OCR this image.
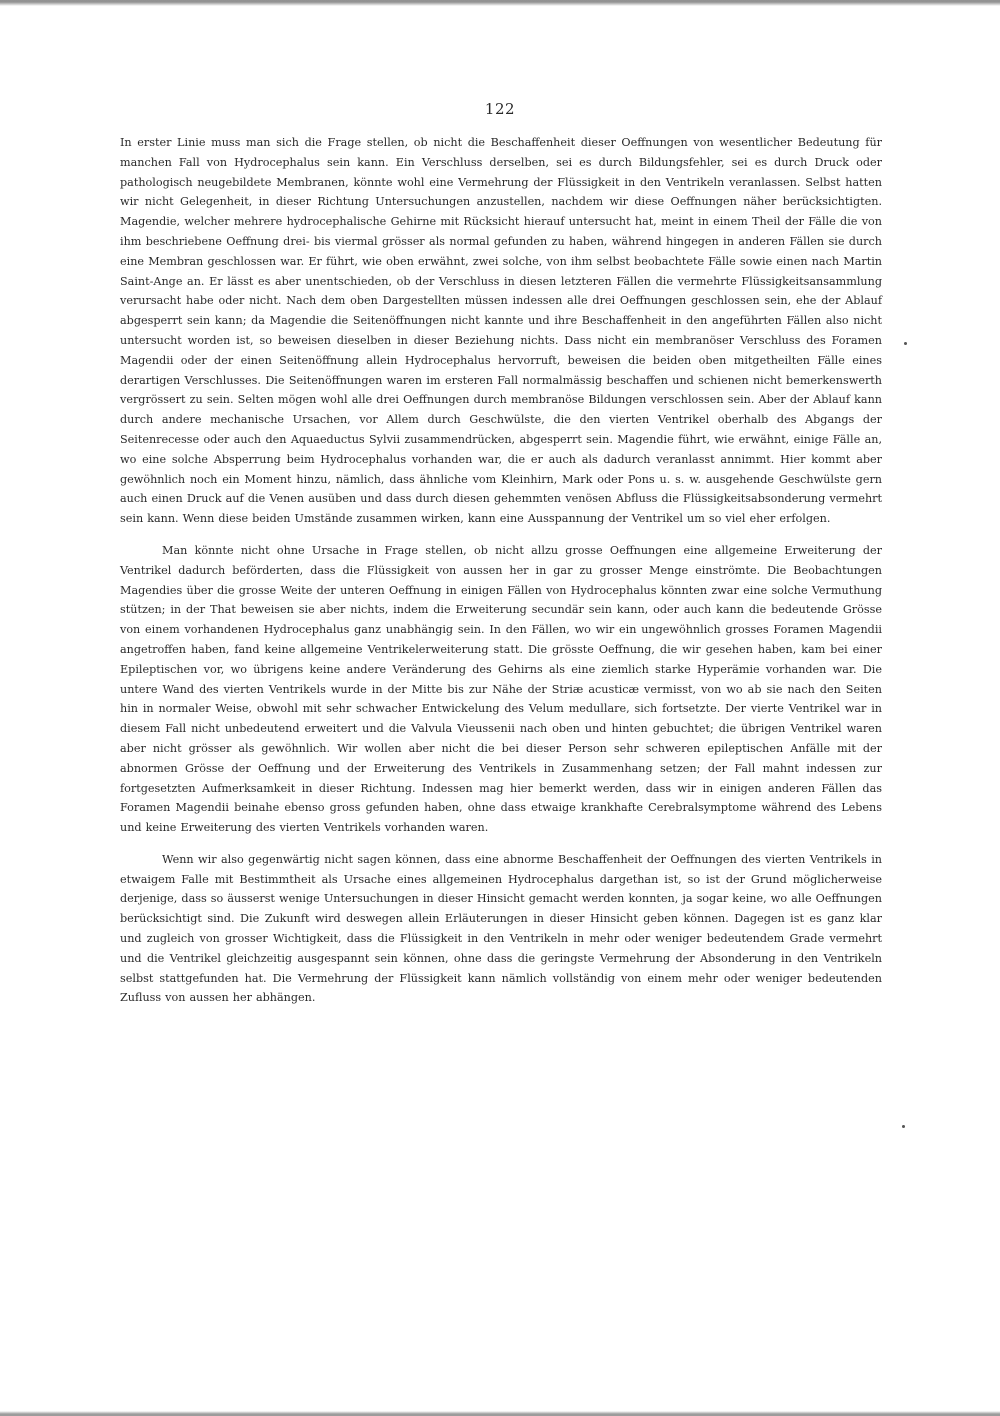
122

In erster Linie muss man sich die Frage stellen, ob nicht die Beschaffenheit dieser Oeffnungen von wesentlicher Bedeutung für manchen Fall von Hydrocephalus sein kann. Ein Verschluss derselben, sei es durch Bildungsfehler, sei es durch Druck oder pathologisch neugebildete Membranen, könnte wohl eine Vermehrung der Flüssigkeit in den Ventrikeln veranlassen. Selbst hatten wir nicht Gelegenheit, in dieser Richtung Untersuchungen anzustellen, nachdem wir diese Oeffnungen näher berücksichtigten. Magendie, welcher mehrere hydrocephalische Gehirne mit Rücksicht hierauf untersucht hat, meint in einem Theil der Fälle die von ihm beschriebene Oeffnung drei- bis viermal grösser als normal gefunden zu haben, während hingegen in anderen Fällen sie durch eine Membran geschlossen war. Er führt, wie oben erwähnt, zwei solche, von ihm selbst beobachtete Fälle sowie einen nach Martin Saint-Ange an. Er lässt es aber unentschieden, ob der Verschluss in diesen letzteren Fällen die vermehrte Flüssigkeitsansammlung verursacht habe oder nicht. Nach dem oben Dargestellten müssen indessen alle drei Oeffnungen geschlossen sein, ehe der Ablauf abgesperrt sein kann; da Magendie die Seitenöffnungen nicht kannte und ihre Beschaffenheit in den angeführten Fällen also nicht untersucht worden ist, so beweisen dieselben in dieser Beziehung nichts. Dass nicht ein membranöser Verschluss des Foramen Magendii oder der einen Seitenöffnung allein Hydrocephalus hervorruft, beweisen die beiden oben mitgetheilten Fälle eines derartigen Verschlusses. Die Seitenöffnungen waren im ersteren Fall normalmässig beschaffen und schienen nicht bemerkenswerth vergrössert zu sein. Selten mögen wohl alle drei Oeffnungen durch membranöse Bildungen verschlossen sein. Aber der Ablauf kann durch andere mechanische Ursachen, vor Allem durch Geschwülste, die den vierten Ventrikel oberhalb des Abgangs der Seitenrecesse oder auch den Aquaeductus Sylvii zusammendrücken, abgesperrt sein. Magendie führt, wie erwähnt, einige Fälle an, wo eine solche Absperrung beim Hydrocephalus vorhanden war, die er auch als dadurch veranlasst annimmt. Hier kommt aber gewöhnlich noch ein Moment hinzu, nämlich, dass ähnliche vom Kleinhirn, Mark oder Pons u. s. w. ausgehende Geschwülste gern auch einen Druck auf die Venen ausüben und dass durch diesen gehemmten venösen Abfluss die Flüssigkeitsabsonderung vermehrt sein kann. Wenn diese beiden Umstände zusammen wirken, kann eine Ausspannung der Ventrikel um so viel eher erfolgen.

Man könnte nicht ohne Ursache in Frage stellen, ob nicht allzu grosse Oeffnungen eine allgemeine Erweiterung der Ventrikel dadurch beförderten, dass die Flüssigkeit von aussen her in gar zu grosser Menge einströmte. Die Beobachtungen Magendies über die grosse Weite der unteren Oeffnung in einigen Fällen von Hydrocephalus könnten zwar eine solche Vermuthung stützen; in der That beweisen sie aber nichts, indem die Erweiterung secundär sein kann, oder auch kann die bedeutende Grösse von einem vorhandenen Hydrocephalus ganz unabhängig sein. In den Fällen, wo wir ein ungewöhnlich grosses Foramen Magendii angetroffen haben, fand keine allgemeine Ventrikelerweiterung statt. Die grösste Oeffnung, die wir gesehen haben, kam bei einer Epileptischen vor, wo übrigens keine andere Veränderung des Gehirns als eine ziemlich starke Hyperämie vorhanden war. Die untere Wand des vierten Ventrikels wurde in der Mitte bis zur Nähe der Striæ acusticæ vermisst, von wo ab sie nach den Seiten hin in normaler Weise, obwohl mit sehr schwacher Entwickelung des Velum medullare, sich fortsetzte. Der vierte Ventrikel war in diesem Fall nicht unbedeutend erweitert und die Valvula Vieussenii nach oben und hinten gebuchtet; die übrigen Ventrikel waren aber nicht grösser als gewöhnlich. Wir wollen aber nicht die bei dieser Person sehr schweren epileptischen Anfälle mit der abnormen Grösse der Oeffnung und der Erweiterung des Ventrikels in Zusammenhang setzen; der Fall mahnt indessen zur fortgesetzten Aufmerksamkeit in dieser Richtung. Indessen mag hier bemerkt werden, dass wir in einigen anderen Fällen das Foramen Magendii beinahe ebenso gross gefunden haben, ohne dass etwaige krankhafte Cerebralsymptome während des Lebens und keine Erweiterung des vierten Ventrikels vorhanden waren.

Wenn wir also gegenwärtig nicht sagen können, dass eine abnorme Beschaffenheit der Oeffnungen des vierten Ventrikels in etwaigem Falle mit Bestimmtheit als Ursache eines allgemeinen Hydrocephalus dargethan ist, so ist der Grund möglicherweise derjenige, dass so äusserst wenige Untersuchungen in dieser Hinsicht gemacht werden konnten, ja sogar keine, wo alle Oeffnungen berücksichtigt sind. Die Zukunft wird deswegen allein Erläuterungen in dieser Hinsicht geben können. Dagegen ist es ganz klar und zugleich von grosser Wichtigkeit, dass die Flüssigkeit in den Ventrikeln in mehr oder weniger bedeutendem Grade vermehrt und die Ventrikel gleichzeitig ausgespannt sein können, ohne dass die geringste Vermehrung der Absonderung in den Ventrikeln selbst stattgefunden hat. Die Vermehrung der Flüssigkeit kann nämlich vollständig von einem mehr oder weniger bedeutenden Zufluss von aussen her abhängen.
